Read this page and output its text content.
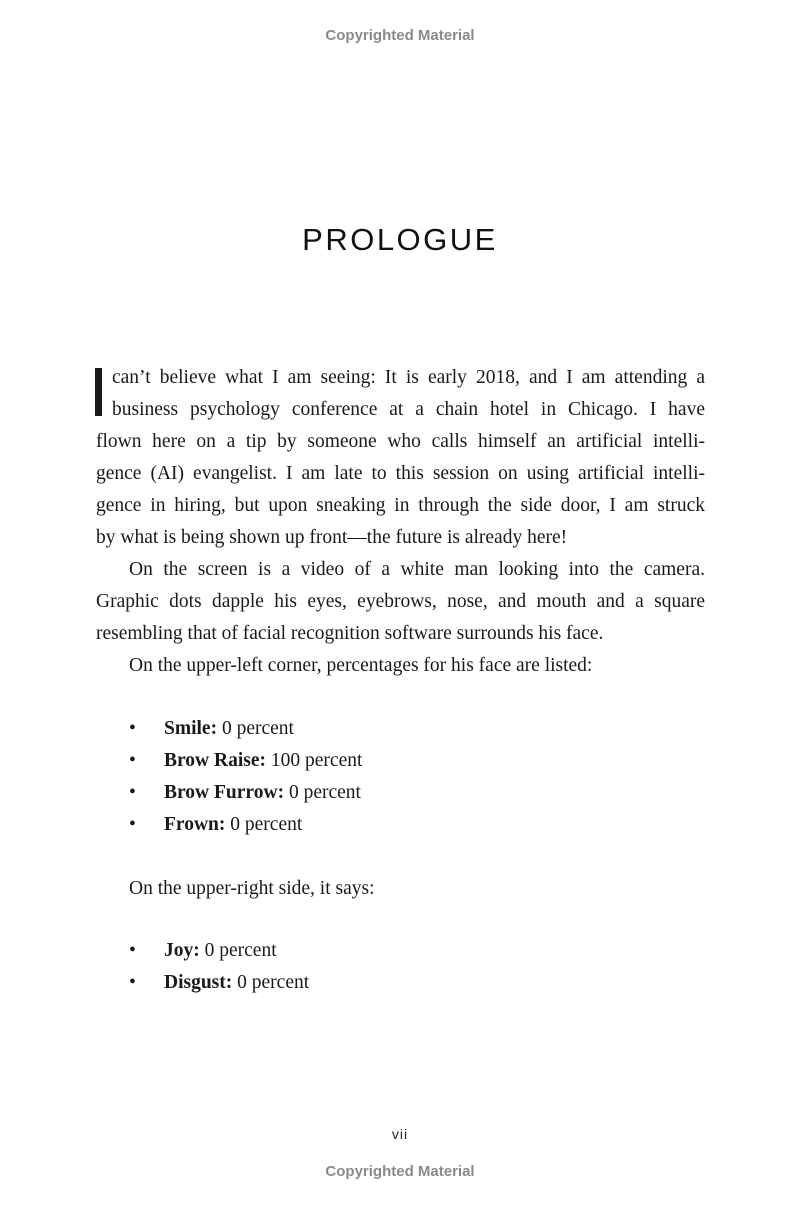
Copyrighted Material
PROLOGUE
can’t believe what I am seeing: It is early 2018, and I am attending a
business psychology conference at a chain hotel in Chicago. I have
flown here on a tip by someone who calls himself an artificial intelli-
gence (AI) evangelist. I am late to this session on using artificial intelli-
gence in hiring, but upon sneaking in through the side door, I am struck
by what is being shown up front—the future is already here!
On the screen is a video of a white man looking into the camera.
Graphic dots dapple his eyes, eyebrows, nose, and mouth and a square
resembling that of facial recognition software surrounds his face.
On the upper-left corner, percentages for his face are listed:
• Smile: 0 percent
• Brow Raise: 100 percent
• Brow Furrow: 0 percent
• Frown: 0 percent
On the upper-right side, it says:
• Joy: 0 percent
• Disgust: 0 percent
vii
Copyrighted Material
